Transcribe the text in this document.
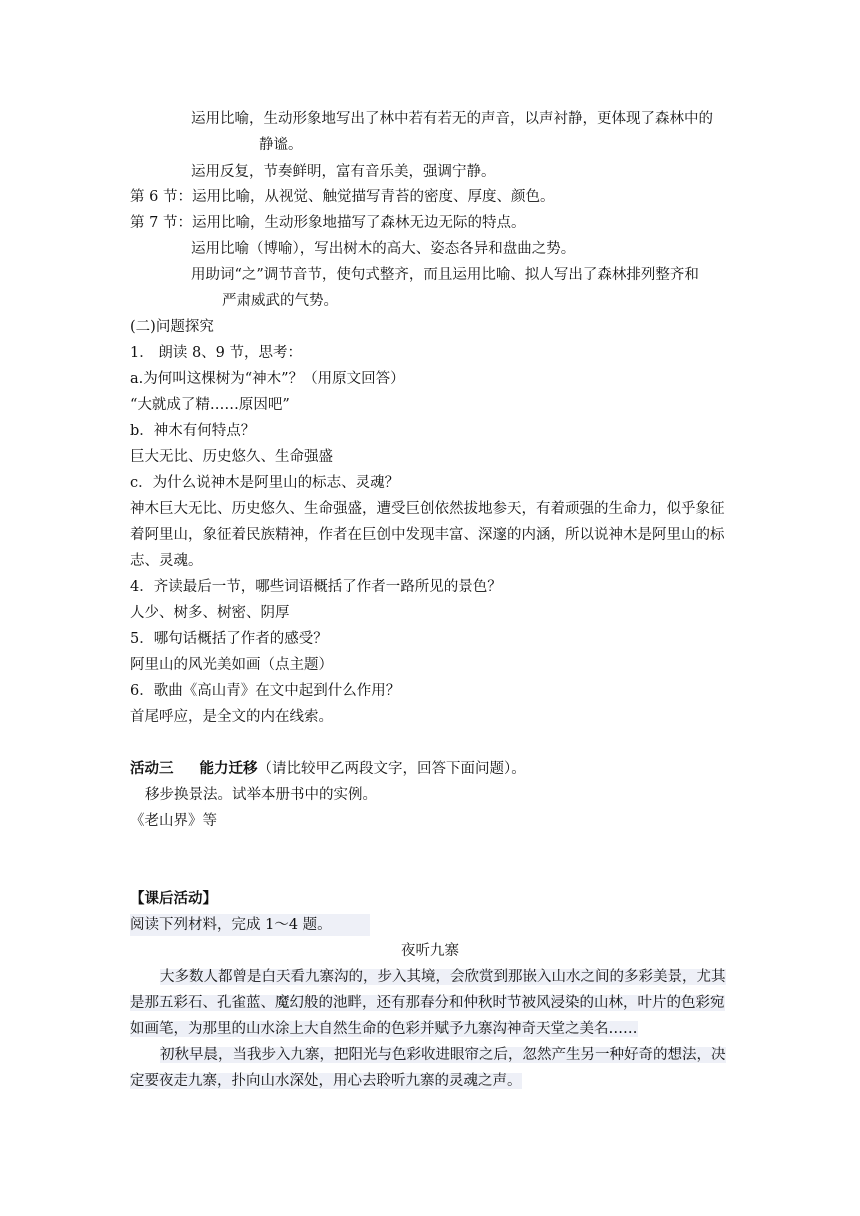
运用比喻，生动形象地写出了林中若有若无的声音，以声衬静，更体现了森林中的
静谧。
运用反复，节奏鲜明，富有音乐美，强调宁静。
第 6 节：运用比喻，从视觉、触觉描写青苔的密度、厚度、颜色。
第 7 节：运用比喻，生动形象地描写了森林无边无际的特点。
运用比喻（博喻），写出树木的高大、姿态各异和盘曲之势。
用助词“之”调节音节，使句式整齐，而且运用比喻、拟人写出了森林排列整齐和
严肃威武的气势。
(二)问题探究
1． 朗读 8、9 节，思考：
a.为何叫这棵树为“神木”？（用原文回答）
“大就成了精……原因吧”
b．神木有何特点？
巨大无比、历史悠久、生命强盛
c．为什么说神木是阿里山的标志、灵魂？
神木巨大无比、历史悠久、生命强盛，遭受巨创依然拔地参天，有着顽强的生命力，似乎象征着阿里山，象征着民族精神，作者在巨创中发现丰富、深邃的内涵，所以说神木是阿里山的标志、灵魂。
4．齐读最后一节，哪些词语概括了作者一路所见的景色？
人少、树多、树密、阴厚
5．哪句话概括了作者的感受？
阿里山的风光美如画（点主题）
6．歌曲《高山青》在文中起到什么作用？
首尾呼应，是全文的内在线索。
活动三 能力迁移（请比较甲乙两段文字，回答下面问题）。
移步换景法。试举本册书中的实例。
《老山界》等
【课后活动】
阅读下列材料，完成 1～4 题。
夜听九寨
大多数人都曾是白天看九寨沟的，步入其境，会欣赏到那嵌入山水之间的多彩美景，尤其是那五彩石、孔雀蓝、魔幻般的池畔，还有那春分和仲秋时节被风浸染的山林，叶片的色彩宛如画笔，为那里的山水涂上大自然生命的色彩并赋予九寨沟神奇天堂之美名……
初秋早晨，当我步入九寨，把阳光与色彩收进眼帘之后，忽然产生另一种好奇的想法，决定要夜走九寨，扑向山水深处，用心去聆听九寨的灵魂之声。
